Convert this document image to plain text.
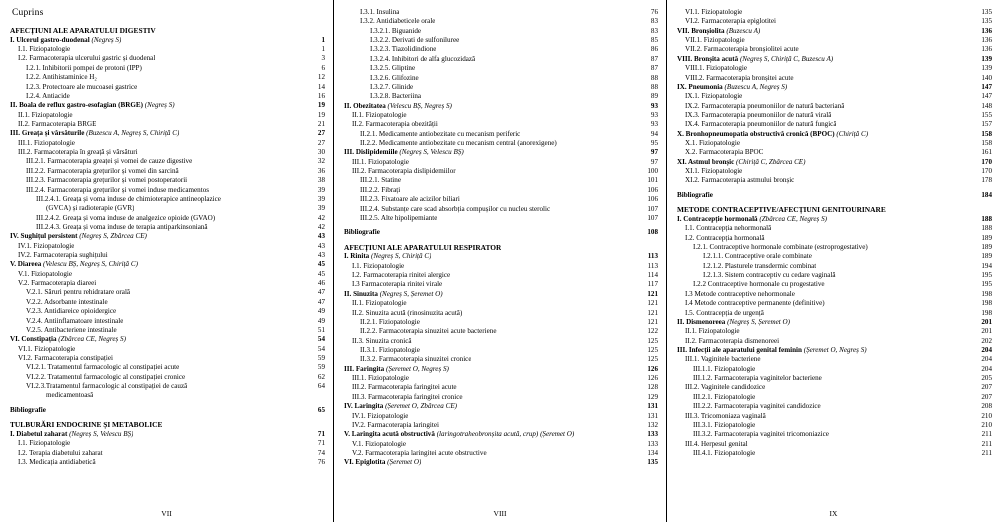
Cuprins
AFECȚIUNI ALE APARATULUI DIGESTIV
I. Ulcerul gastro-duodenal (Negreș S)	1
I.1. Fiziopatologie	1
I.2. Farmacoterapia ulcerului gastric și duodenal	3
I.2.1. Inhibitorii pompei de protoni (IPP)	6
I.2.2. Antihistaminice H₂	12
I.2.3. Protectoare ale mucoasei gastrice	14
I.2.4. Antiacide	16
II. Boala de reflux gastro-esofagian (BRGE) (Negreș S)	19
II.1. Fiziopatologie	19
II.2. Farmacoterapia BRGE	21
III. Greața și vărsăturile (Buzescu A, Negreș S, Chiriță C)	27
III.1. Fiziopatologie	27
III.2. Farmacoterapia în greață și vărsături	30
III.2.1. Farmacoterapia greaței și vomei de cauze digestive	32
III.2.2. Farmacoterapia grețurilor și vomei din sarcină	36
III.2.3. Farmacoterapia grețurilor și vomei postoperatorii	38
III.2.4. Farmacoterapia grețurilor și vomei induse medicamentos	39
III.2.4.1. Greața și voma induse de chimioterapice antineoplazice	39
(GVCA) și radioterapie (GVR)	39
III.2.4.2. Greața și voma induse de analgezice opioide (GVAO)	42
III.2.4.3. Greața și voma induse de terapia antiparkinsoniană	42
IV. Sughițul persistent (Negreș S, Zbârcea CE)	43
IV.1. Fiziopatologie	43
IV.2. Farmacoterapia sughițului	43
V. Diareea (Velescu BȘ, Negreș S, Chiriță C)	45
V.1. Fiziopatologie	45
V.2. Farmacoterapia diareei	46
V.2.1. Săruri pentru rehidratare orală	47
V.2.2. Adsorbante intestinale	47
V.2.3. Antidiareice opioidergice	49
V.2.4. Antiinflamatoare intestinale	49
V.2.5. Antibacteriene intestinale	51
VI. Constipația (Zbârcea CE, Negreș S)	54
VI.1. Fiziopatologie	54
VI.2. Farmacoterapia constipației	59
VI.2.1. Tratamentul farmacologic al constipației acute	59
VI.2.2. Tratamentul farmacologic al constipației cronice	62
VI.2.3.Tratamentul farmacologic al constipației de cauză	64
medicamentoasă
Bibliografie	65
TULBURĂRI ENDOCRINE ȘI METABOLICE
I. Diabetul zaharat (Negreș S, Velescu BȘ)	71
I.1. Fiziopatologie	71
I.2. Terapia diabetului zaharat	74
I.3. Medicația antidiabetică	76
VII
I.3.1. Insulina	76
I.3.2. Antidiabeticele orale	83
I.3.2.1. Biguanide	83
I.3.2.2. Derivati de sulfoniluree	85
I.3.2.3. Tiazolidindione	86
I.3.2.4. Inhibitori de alfa glucozidază	87
I.3.2.5. Gliptine	87
I.3.2.6. Glifozine	88
I.3.2.7. Glinide	88
I.3.2.8. Bacteriina	89
II. Obezitatea (Velescu BȘ, Negreș S)	93
II.1. Fiziopatologie	93
II.2. Farmacoterapia obezității	93
II.2.1. Medicamente antiobezitate cu mecanism periferic	94
II.2.2. Medicamente antiobezitate cu mecanism central (anorexigene)	95
III. Dislipidemiile (Negreș S, Velescu BȘ)	97
III.1. Fiziopatologie	97
III.2. Farmacoterapia dislipidemiilor	100
III.2.1. Statine	101
III.2.2. Fibrați	106
III.2.3. Fixatoare ale acizilor biliari	106
III.2.4. Substanțe care scad absorbția compușilor cu nucleu sterolic	107
III.2.5. Alte hipolipemiante	107
Bibliografie	108
AFECȚIUNI ALE APARATULUI RESPIRATOR
I. Rinita (Negreș S, Chiriță C)	113
I.1. Fiziopatologie	113
I.2. Farmacoterapia rinitei alergice	114
I.3 Farmacoterapia rinitei virale	117
II. Sinuzita (Negreș S, Șeremet O)	121
II.1. Fiziopatologie	121
II.2. Sinuzita acută (rinosinuzita acută)	121
II.2.1. Fiziopatologie	121
II.2.2. Farmacoterapia sinuzitei acute bacteriene	122
II.3. Sinuzita cronică	125
II.3.1. Fiziopatologie	125
II.3.2. Farmacoterapia sinuzitei cronice	125
III. Faringita (Șeremet O, Negreș S)	126
III.1. Fiziopatologie	126
III.2. Farmacoterapia faringitei acute	128
III.3. Farmacoterapia faringitei cronice	129
IV. Laringita (Șeremet O, Zbârcea CE)	131
IV.1. Fiziopatologie	131
IV.2. Farmacoterapia laringitei	132
V. Laringita acută obstructivă (laringotraheobronșita acută, crup) (Șeremet O)	133
V.1. Fiziopatologie	133
V.2. Farmacoterapia laringitei acute obstructive	134
VI. Epiglotita (Șeremet O)	135
VIII
VI.1. Fiziopatologie	135
VI.2. Farmacoterapia epiglotitei	135
VII. Bronșiolita (Buzescu A)	136
VII.1. Fiziopatologie	136
VII.2. Farmacoterapia bronșiolitei acute	136
VIII. Bronșita acută (Negreș S, Chiriță C, Buzescu A)	139
VIII.1. Fiziopatologie	139
VIII.2. Farmacoterapia bronșitei acute	140
IX. Pneumonia (Buzescu A, Negreș S)	147
IX.1. Fiziopatologie	147
IX.2. Farmacoterapia pneumoniilor de natură bacteriană	148
IX.3. Farmacoterapia pneumoniilor de natură virală	155
IX.4. Farmacoterapia pneumoniilor de natură fungică	157
X. Bronhopneumopatia obstructivă cronică (BPOC) (Chiriță C)	158
X.1. Fiziopatologie	158
X.2. Farmacoterapia BPOC	161
XI. Astmul bronșic (Chiriță C, Zbârcea CE)	170
XI.1. Fiziopatologie	170
XI.2. Farmacoterapia astmului bronșic	178
Bibliografie	184
METODE CONTRACEPTIVE/AFECȚIUNI GENITOURINARE
I. Contracepție hormonală (Zbârcea CE, Negreș S)	188
I.1. Contracepția nehormonală	188
I.2. Contracepția hormonală	189
I.2.1. Contraceptive hormonale combinate (estroprogestative)	189
I.2.1.1. Contraceptive orale combinate	189
I.2.1.2. Plasturele transdermic combinat	194
I.2.1.3. Sistem contraceptiv cu cedare vaginală	195
I.2.2 Contraceptive hormonale cu progestative	195
I.3 Metode contraceptive nehormonale	198
I.4 Metode contraceptive permanente (definitive)	198
I.5. Contracepția de urgență	198
II. Dismenoreea (Negreș S, Șeremet O)	201
II.1. Fiziopatologie	201
II.2. Farmacoterapia dismenoreei	202
III. Infecții ale aparatului genital feminin (Șeremet O, Negreș S)	204
III.1. Vaginitele bacteriene	204
III.1.1. Fiziopatologie	204
III.1.2. Farmacoterapia vaginitelor bacteriene	205
III.2. Vaginitele candidozice	207
III.2.1. Fiziopatologie	207
III.2.2. Farmacoterapia vaginitei candidozice	208
III.3. Tricomoniaza vaginală	210
III.3.1. Fiziopatologie	210
III.3.2. Farmacoterapia vaginitei tricomoniazice	211
III.4. Herpesul genital	211
III.4.1. Fiziopatologie	211
IX
